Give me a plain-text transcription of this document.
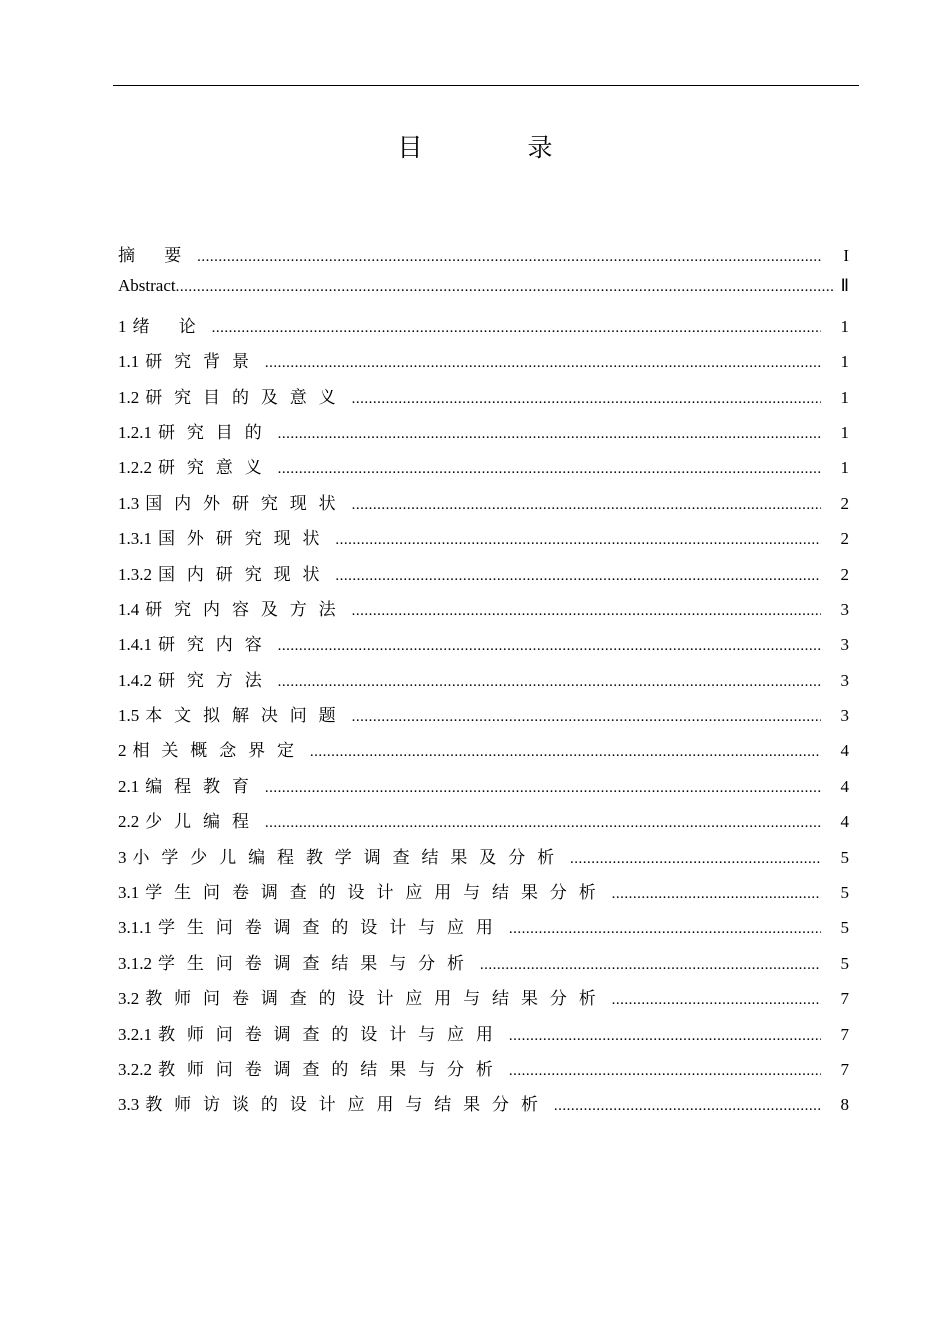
目　录
摘 要 .....	I
Abstract .....	Ⅱ
1 绪 论 .....	1
1.1 研究背景 .....	1
1.2 研究目的及意义 .....	1
1.2.1 研究目的 .....	1
1.2.2 研究意义 .....	1
1.3 国内外研究现状 .....	2
1.3.1 国外研究现状 .....	2
1.3.2 国内研究现状 .....	2
1.4 研究内容及方法 .....	3
1.4.1 研究内容 .....	3
1.4.2 研究方法 .....	3
1.5 本文拟解决问题 .....	3
2 相关概念界定 .....	4
2.1 编程教育 .....	4
2.2 少儿编程 .....	4
3 小学少儿编程教学调查结果及分析 .....	5
3.1 学生问卷调查的设计应用与结果分析 .....	5
3.1.1 学生问卷调查的设计与应用 .....	5
3.1.2 学生问卷调查结果与分析 .....	5
3.2 教师问卷调查的设计应用与结果分析 .....	7
3.2.1 教师问卷调查的设计与应用 .....	7
3.2.2 教师问卷调查的结果与分析 .....	7
3.3 教师访谈的设计应用与结果分析 .....	8
